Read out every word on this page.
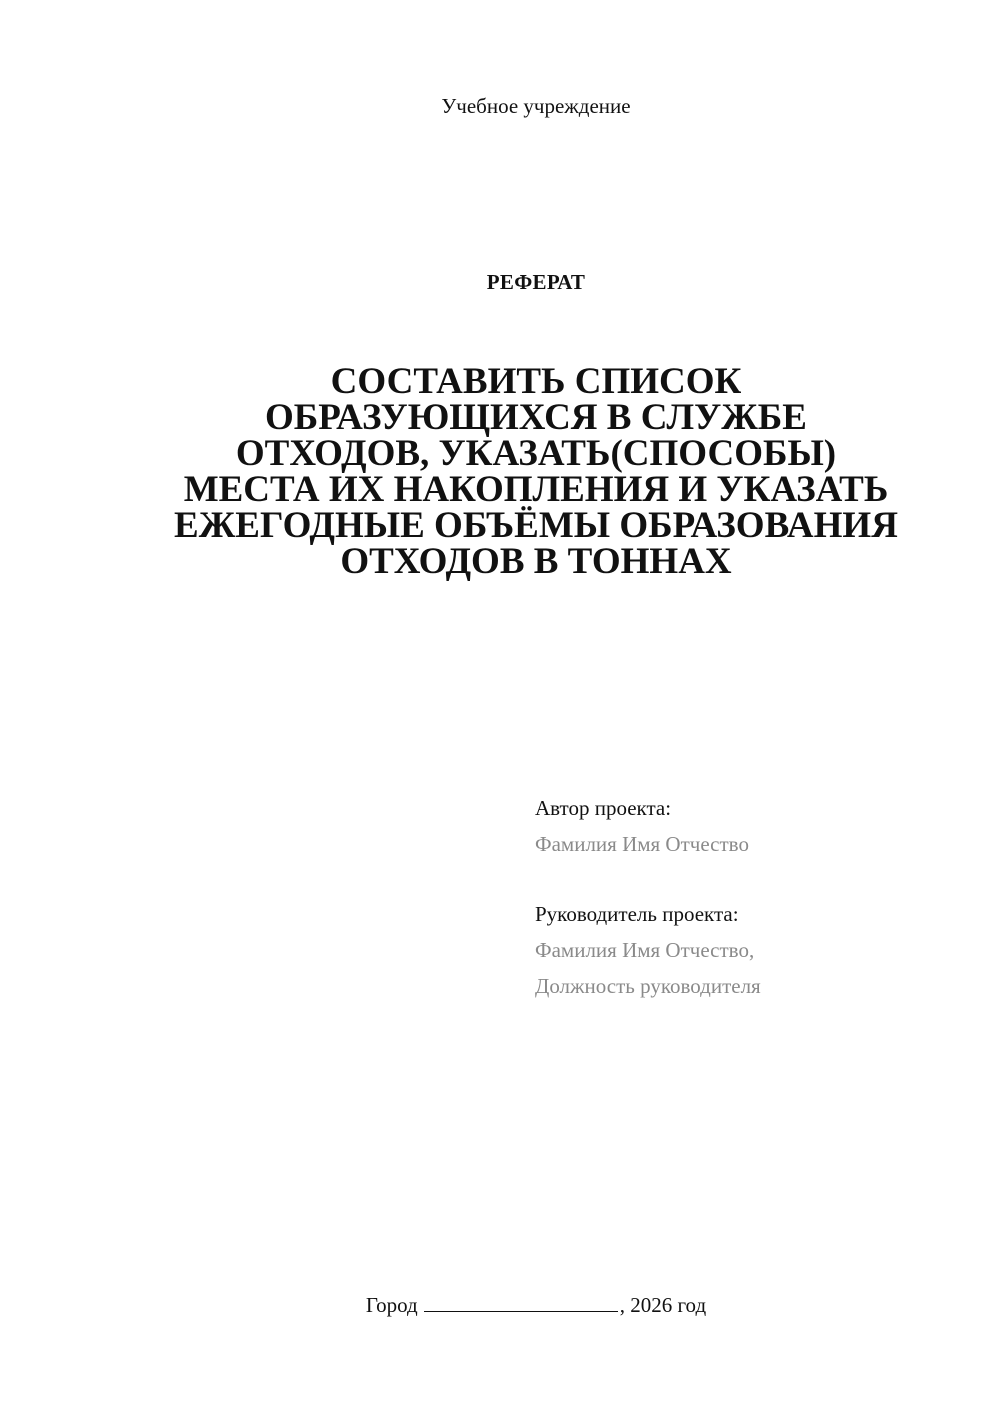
Учебное учреждение
РЕФЕРАТ
СОСТАВИТЬ СПИСОК
ОБРАЗУЮЩИХСЯ В СЛУЖБЕ
ОТХОДОВ, УКАЗАТЬ(СПОСОБЫ)
МЕСТА ИХ НАКОПЛЕНИЯ И УКАЗАТЬ
ЕЖЕГОДНЫЕ ОБЪЁМЫ ОБРАЗОВАНИЯ
ОТХОДОВ В ТОННАХ
Автор проекта:
Фамилия Имя Отчество
Руководитель проекта:
Фамилия Имя Отчество,
Должность руководителя
Город	, 2026 год
